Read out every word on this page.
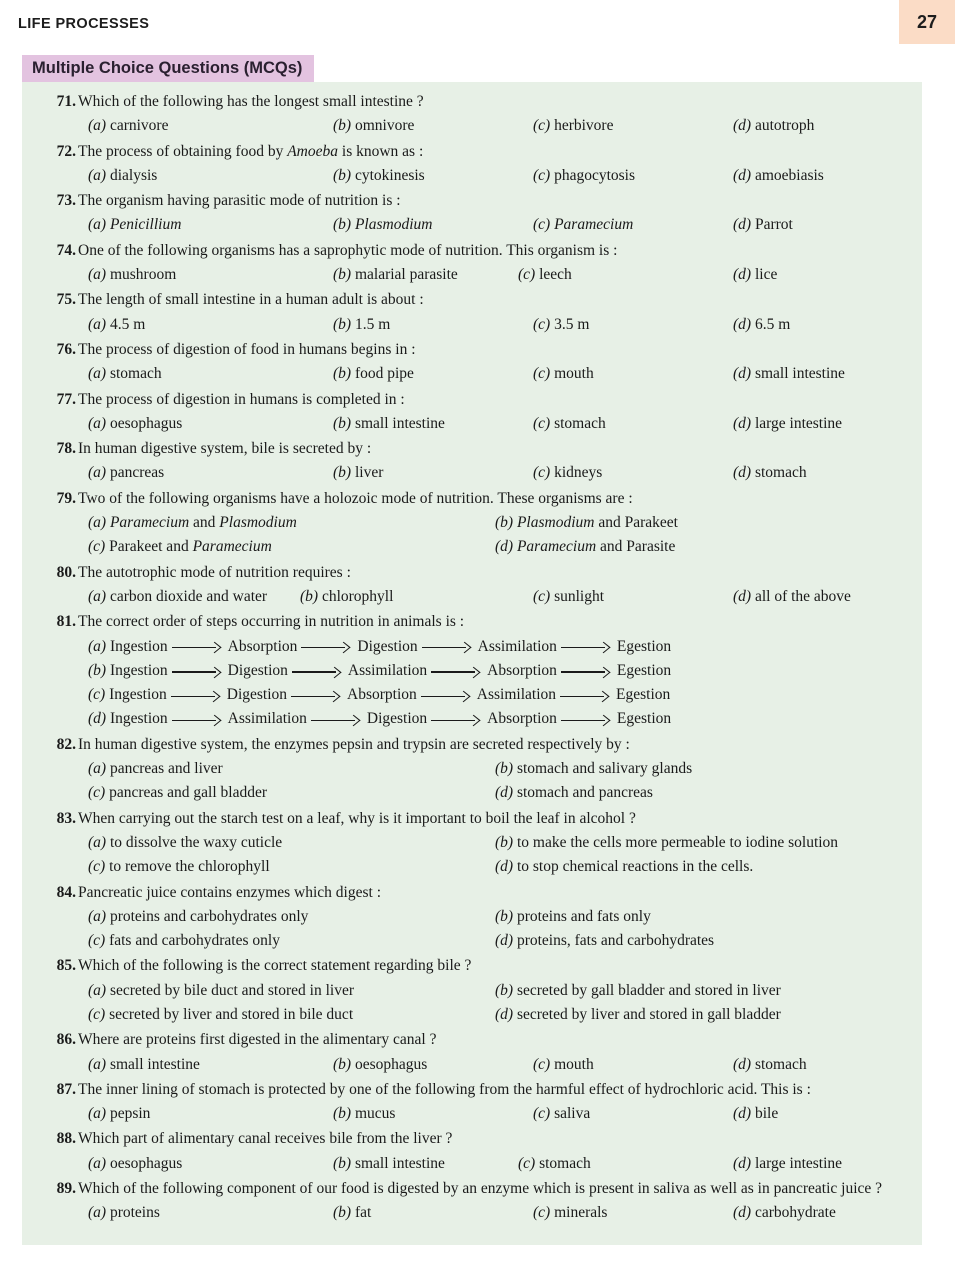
LIFE PROCESSES	27
Multiple Choice Questions (MCQs)
71. Which of the following has the longest small intestine ?
(a) carnivore	(b) omnivore	(c) herbivore	(d) autotroph
72. The process of obtaining food by Amoeba is known as :
(a) dialysis	(b) cytokinesis	(c) phagocytosis	(d) amoebiasis
73. The organism having parasitic mode of nutrition is :
(a) Penicillium	(b) Plasmodium	(c) Paramecium	(d) Parrot
74. One of the following organisms has a saprophytic mode of nutrition. This organism is :
(a) mushroom	(b) malarial parasite	(c) leech	(d) lice
75. The length of small intestine in a human adult is about :
(a) 4.5 m	(b) 1.5 m	(c) 3.5 m	(d) 6.5 m
76. The process of digestion of food in humans begins in :
(a) stomach	(b) food pipe	(c) mouth	(d) small intestine
77. The process of digestion in humans is completed in :
(a) oesophagus	(b) small intestine	(c) stomach	(d) large intestine
78. In human digestive system, bile is secreted by :
(a) pancreas	(b) liver	(c) kidneys	(d) stomach
79. Two of the following organisms have a holozoic mode of nutrition. These organisms are :
(a) Paramecium and Plasmodium	(b) Plasmodium and Parakeet
(c) Parakeet and Paramecium	(d) Paramecium and Parasite
80. The autotrophic mode of nutrition requires :
(a) carbon dioxide and water (b) chlorophyll	(c) sunlight	(d) all of the above
81. The correct order of steps occurring in nutrition in animals is :
(a) Ingestion	Absorption	Digestion	Assimilation	Egestion
(b) Ingestion	Digestion	Assimilation	Absorption	Egestion
(c) Ingestion	Digestion	Absorption	Assimilation	Egestion
(d) Ingestion	Assimilation	Digestion	Absorption	Egestion
82. In human digestive system, the enzymes pepsin and trypsin are secreted respectively by :
(a) pancreas and liver	(b) stomach and salivary glands
(c) pancreas and gall bladder	(d) stomach and pancreas
83. When carrying out the starch test on a leaf, why is it important to boil the leaf in alcohol ?
(a) to dissolve the waxy cuticle	(b) to make the cells more permeable to iodine solution
(c) to remove the chlorophyll	(d) to stop chemical reactions in the cells.
84. Pancreatic juice contains enzymes which digest :
(a) proteins and carbohydrates only	(b) proteins and fats only
(c) fats and carbohydrates only	(d) proteins, fats and carbohydrates
85. Which of the following is the correct statement regarding bile ?
(a) secreted by bile duct and stored in liver	(b) secreted by gall bladder and stored in liver
(c) secreted by liver and stored in bile duct	(d) secreted by liver and stored in gall bladder
86. Where are proteins first digested in the alimentary canal ?
(a) small intestine	(b) oesophagus	(c) mouth	(d) stomach
87. The inner lining of stomach is protected by one of the following from the harmful effect of hydrochloric acid. This is :
(a) pepsin	(b) mucus	(c) saliva	(d) bile
88. Which part of alimentary canal receives bile from the liver ?
(a) oesophagus	(b) small intestine	(c) stomach	(d) large intestine
89. Which of the following component of our food is digested by an enzyme which is present in saliva as well as in pancreatic juice ?
(a) proteins	(b) fat	(c) minerals	(d) carbohydrate
